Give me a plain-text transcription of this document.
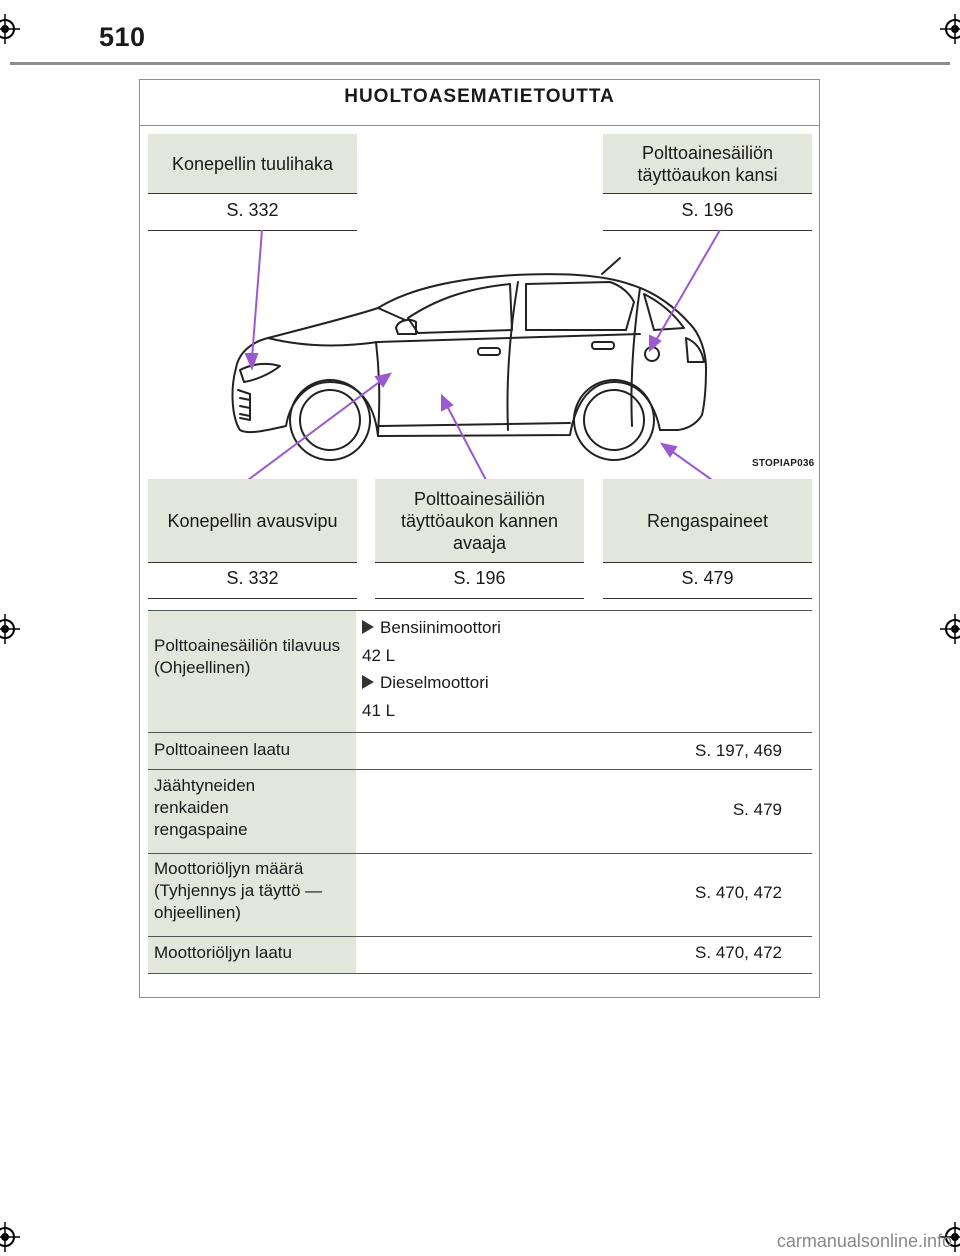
510
HUOLTOASEMATIETOUTTA
Konepellin tuulihaka
S. 332
Polttoainesäiliön täyttöaukon kansi
S. 196
STOPIAP036
Konepellin avausvipu
S. 332
Polttoainesäiliön täyttöaukon kannen avaaja
S. 196
Rengaspaineet
S. 479
Polttoainesäiliön tilavuus (Ohjeellinen)
Bensiinimoottori
42 L
Dieselmoottori
41 L
Polttoaineen laatu	S. 197, 469
Jäähtyneiden renkaiden rengaspaine
S. 479
Moottoriöljyn määrä (Tyhjennys ja täyttö — ohjeellinen)
S. 470, 472
Moottoriöljyn laatu	S. 470, 472
carmanualsonline.info
